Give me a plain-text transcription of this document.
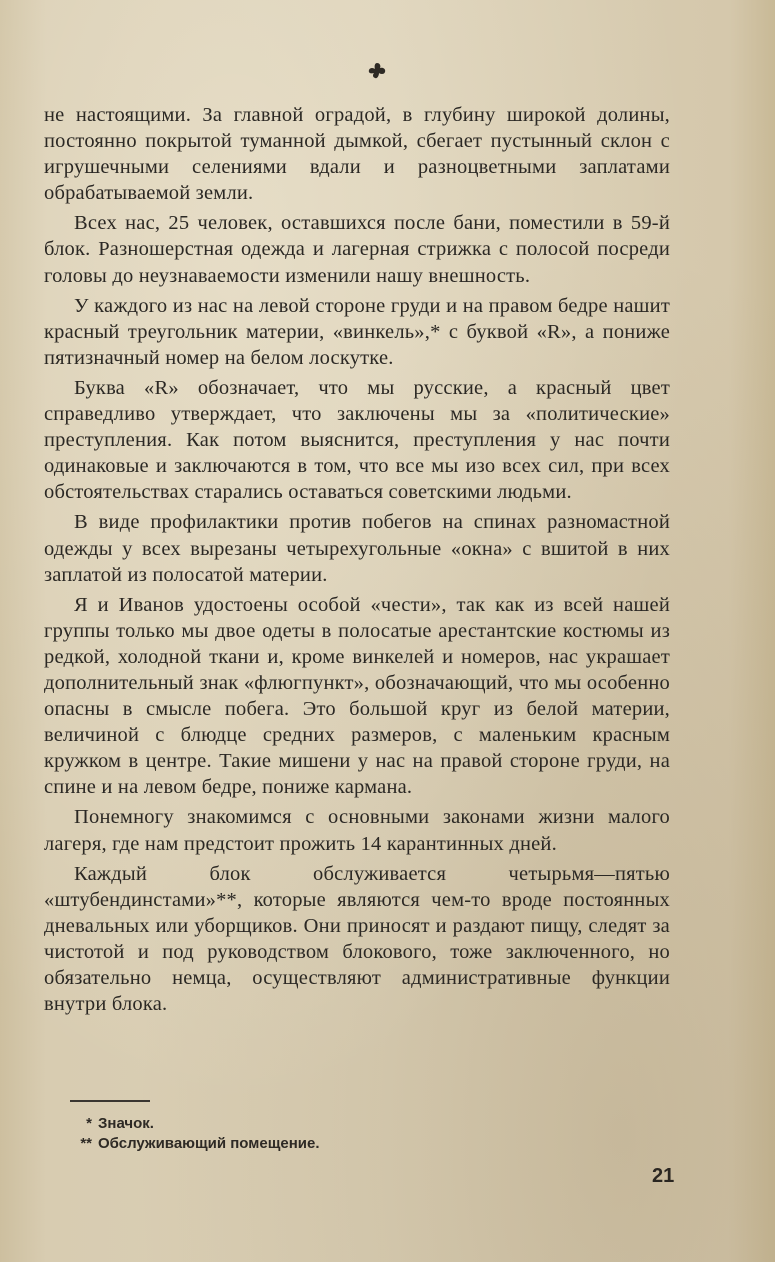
не настоящими. За главной оградой, в глубину широкой долины, постоянно покрытой туманной дымкой, сбегает пустынный склон с игрушечными селениями вдали и разноцветными заплатами обрабатываемой земли.

Всех нас, 25 человек, оставшихся после бани, поместили в 59-й блок. Разношерстная одежда и лагерная стрижка с полосой посреди головы до неузнаваемости изменили нашу внешность.

У каждого из нас на левой стороне груди и на правом бедре нашит красный треугольник материи, «винкель»,* с буквой «R», а пониже пятизначный номер на белом лоскутке.

Буква «R» обозначает, что мы русские, а красный цвет справедливо утверждает, что заключены мы за «политические» преступления. Как потом выяснится, преступления у нас почти одинаковые и заключаются в том, что все мы изо всех сил, при всех обстоятельствах старались оставаться советскими людьми.

В виде профилактики против побегов на спинах разномастной одежды у всех вырезаны четырехугольные «окна» с вшитой в них заплатой из полосатой материи.

Я и Иванов удостоены особой «чести», так как из всей нашей группы только мы двое одеты в полосатые арестантские костюмы из редкой, холодной ткани и, кроме винкелей и номеров, нас украшает дополнительный знак «флюгпункт», обозначающий, что мы особенно опасны в смысле побега. Это большой круг из белой материи, величиной с блюдце средних размеров, с маленьким красным кружком в центре. Такие мишени у нас на правой стороне груди, на спине и на левом бедре, пониже кармана.

Понемногу знакомимся с основными законами жизни малого лагеря, где нам предстоит прожить 14 карантинных дней.

Каждый блок обслуживается четырьмя—пятью «штубендинстами»**, которые являются чем-то вроде постоянных дневальных или уборщиков. Они приносят и раздают пищу, следят за чистотой и под руководством блокового, тоже заключенного, но обязательно немца, осуществляют административные функции внутри блока.

* Значок.

** Обслуживающий помещение.

21
